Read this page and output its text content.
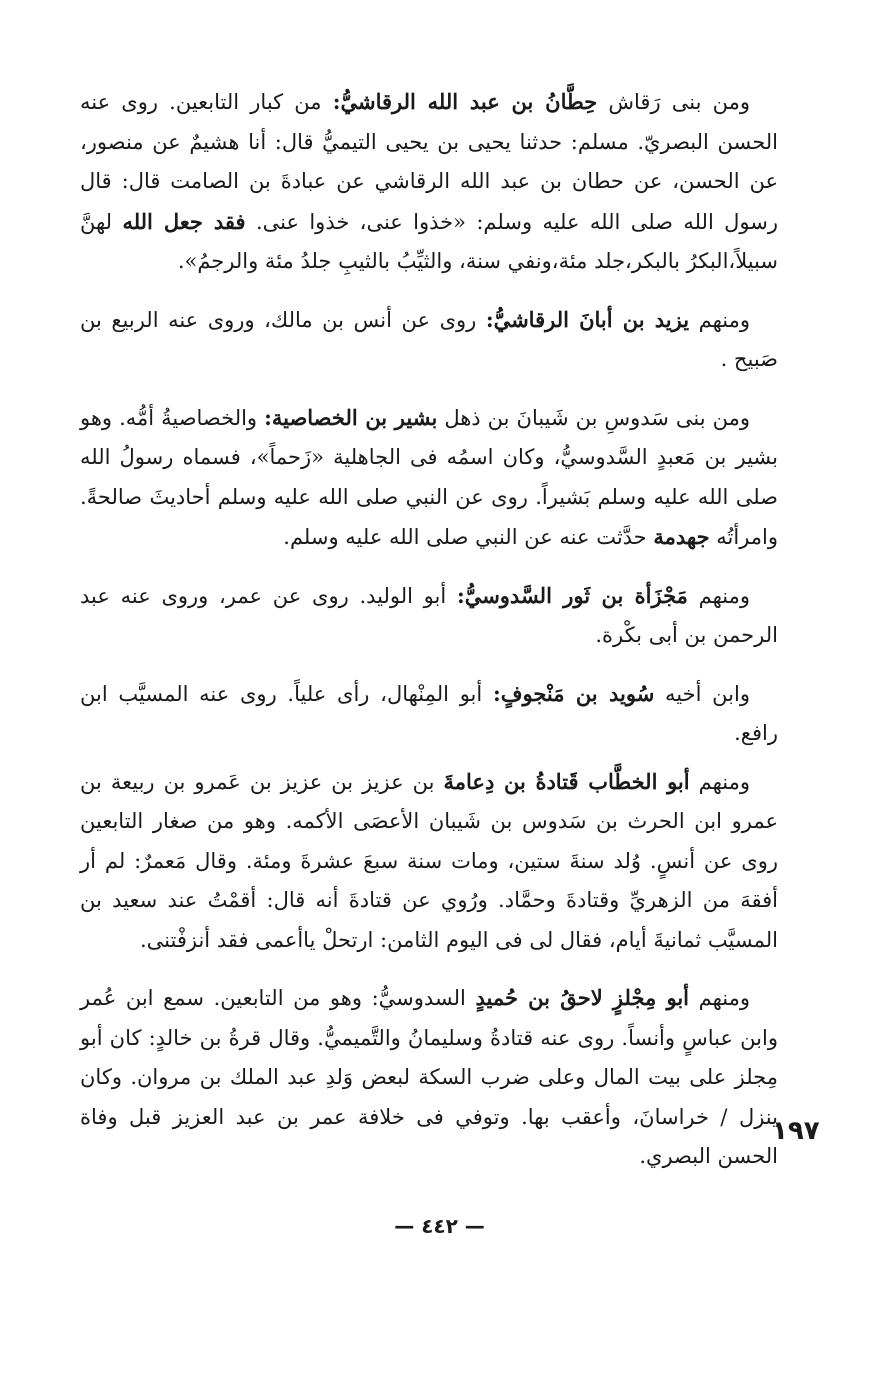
ومن بنى رَقاش حِطَّانُ بن عبد الله الرقاشيُّ: من كبار التابعين. روى عنه الحسن البصريّ. مسلم: حدثنا يحيى بن يحيى التيميُّ قال: أنا هشيمٌ عن منصور، عن الحسن، عن حطان بن عبد الله الرقاشي عن عبادةَ بن الصامت قال: قال رسول الله صلى الله عليه وسلم: «خذوا عنى، خذوا عنى. فقد جعل الله لهنَّ سبيلاً،البكرُ بالبكر،جلد مئة،ونفي سنة، والثيِّبُ بالثيبِ جلدُ مئة والرجمُ».

ومنهم يزيد بن أبانَ الرقاشيُّ: روى عن أنس بن مالك، وروى عنه الربيع بن صَبيح .

ومن بنى سَدوسِ بن شَيبانَ بن ذهل بشير بن الخصاصية: والخصاصيةُ أمُّه. وهو بشير بن مَعبدٍ السَّدوسيُّ، وكان اسمُه فى الجاهلية «زَحماً»، فسماه رسولُ الله صلى الله عليه وسلم بَشيراً. روى عن النبي صلى الله عليه وسلم أحاديثَ صالحةً. وامرأتُه جهدمة حدَّثت عنه عن النبي صلى الله عليه وسلم.

ومنهم مَجْزَأة بن ثَور السَّدوسيُّ: أبو الوليد. روى عن عمر، وروى عنه عبد الرحمن بن أبى بكْرة.

وابن أخيه سُويد بن مَنْجوفٍ: أبو المِنْهال، رأى علياً. روى عنه المسيَّب ابن رافع.

ومنهم أبو الخطَّاب قَتادةُ بن دِعامةَ بن عزيز بن عزيز بن عَمرو بن ربيعة بن عمرو ابن الحرث بن سَدوس بن شَيبان الأعصَى الأكمه. وهو من صغار التابعين روى عن أنسٍ. وُلد سنةَ ستين، ومات سنة سبعَ عشرةَ ومئة. وقال مَعمرٌ: لم أر أفقهَ من الزهريِّ وقتادةَ وحمَّاد. ورُوي عن قتادةَ أنه قال: أقمْتُ عند سعيد بن المسيَّب ثمانيةَ أيام، فقال لى فى اليوم الثامن: ارتحلْ ياأعمى فقد أنزفْتنى.

ومنهم أبو مِجْلزٍ لاحقُ بن حُميدٍ السدوسيُّ: وهو من التابعين. سمع ابن عُمر وابن عباسٍ وأنساً. روى عنه قتادةُ وسليمانُ والتَّميميُّ. وقال قرةُ بن خالدٍ: كان أبو مِجلز على بيت المال وعلى ضرب السكة لبعض وَلدِ عبد الملك بن مروان. وكان ينزل / خراسانَ، وأعقب بها. وتوفي فى خلافة عمر بن عبد العزيز قبل وفاة الحسن البصري.

١٩٧
— ٤٤٢ —
